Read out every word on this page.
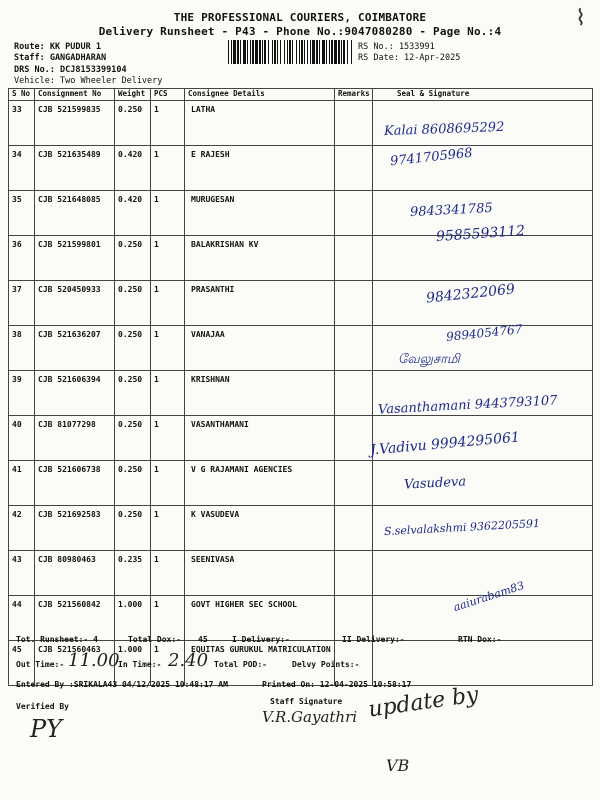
⌇
THE PROFESSIONAL COURIERS, COIMBATORE
Delivery Runsheet - P43 - Phone No.:9047080280 - Page No.:4
Route: KK PUDUR 1
Staff: GANGADHARAN
DRS No.: DCJ8153399104
Vehicle: Two Wheeler Delivery
RS No.: 1533991
RS Date: 12-Apr-2025
S No	Consignment No	Weight	PCS	Consignee Details	Remarks	Seal & Signature
33	CJB 521599835	0.250	1	LATHA		
34	CJB 521635489	0.420	1	E RAJESH		
35	CJB 521648085	0.420	1	MURUGESAN		
36	CJB 521599801	0.250	1	BALAKRISHAN KV		
37	CJB 520450933	0.250	1	PRASANTHI		
38	CJB 521636207	0.250	1	VANAJAA		
39	CJB 521606394	0.250	1	KRISHNAN		
40	CJB 81077298	0.250	1	VASANTHAMANI		
41	CJB 521606738	0.250	1	V G RAJAMANI AGENCIES		
42	CJB 521692583	0.250	1	K VASUDEVA		
43	CJB 80980463	0.235	1	SEENIVASA		
44	CJB 521560842	1.000	1	GOVT HIGHER SEC SCHOOL		
45	CJB 521560463	1.000	1	EQUITAS GURUKUL MATRICULATION		
Kalai 8608695292
9741705968
9843341785
9585593112
9842322069
9894054767
வேலுசாமி
Vasanthamani 9443793107
J.Vadivu 9994295061
Vasudeva
S.selvalakshmi 9362205591
aaiurabam83
Tot. Runsheet:- 4	Total Dox:- 45	I Delivery:-	II Delivery:-	RTN Dox:-
Out Time:- 11.00
In Time:- 2.40 Total POD:-	Delvy Points:-
Entered By :SRIKALA43 04/12/2025 10:48:17 AM	Printed On: 12-04-2025 10:58:17
Verified By
Staff Signature
V.R.Gayathri update by
PY
VB
